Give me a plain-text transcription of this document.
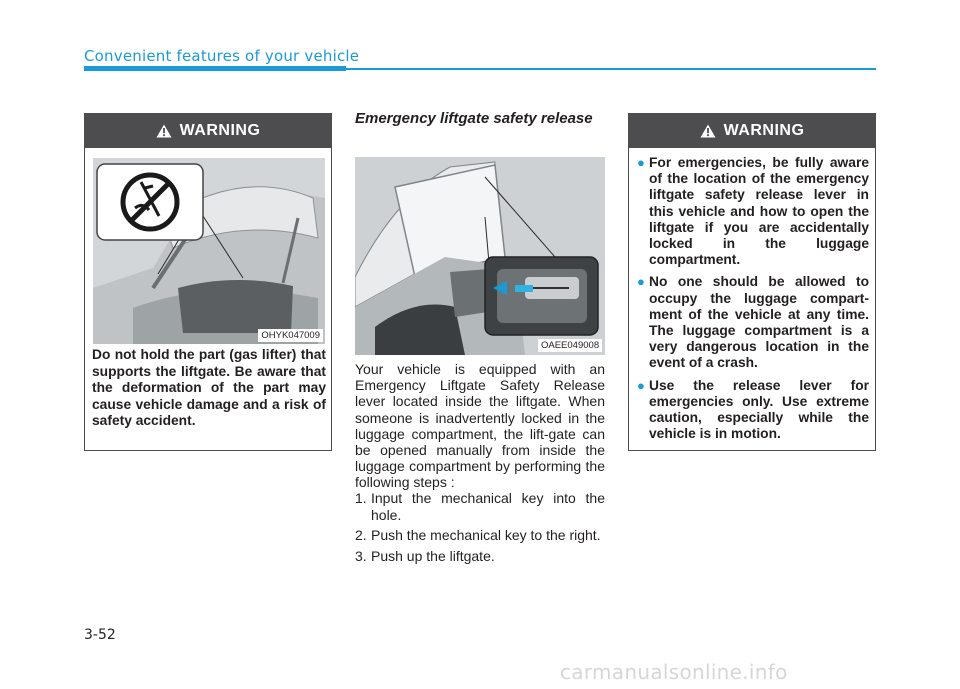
Convenient features of your vehicle
WARNING
OHYK047009
Do not hold the part (gas lifter) that supports the liftgate. Be aware that the deformation of the part may cause vehicle damage and a risk of safety accident.
Emergency liftgate safety release
OAEE049008
Your vehicle is equipped with an Emergency Liftgate Safety Release lever located inside the liftgate. When someone is inadvertently locked in the luggage compartment, the lift-gate can be opened manually from inside the luggage compartment by performing the following steps :
1. Input the mechanical key into the hole.
2. Push the mechanical key to the right.
3. Push up the liftgate.
WARNING
● For emergencies, be fully aware of the location of the emergency liftgate safety release lever in this vehicle and how to open the liftgate if you are accidentally locked in the luggage compartment.
● No one should be allowed to occupy the luggage compart-ment of the vehicle at any time. The luggage compartment is a very dangerous location in the event of a crash.
● Use the release lever for emergencies only. Use extreme caution, especially while the vehicle is in motion.
3-52
carmanualsonline.info
